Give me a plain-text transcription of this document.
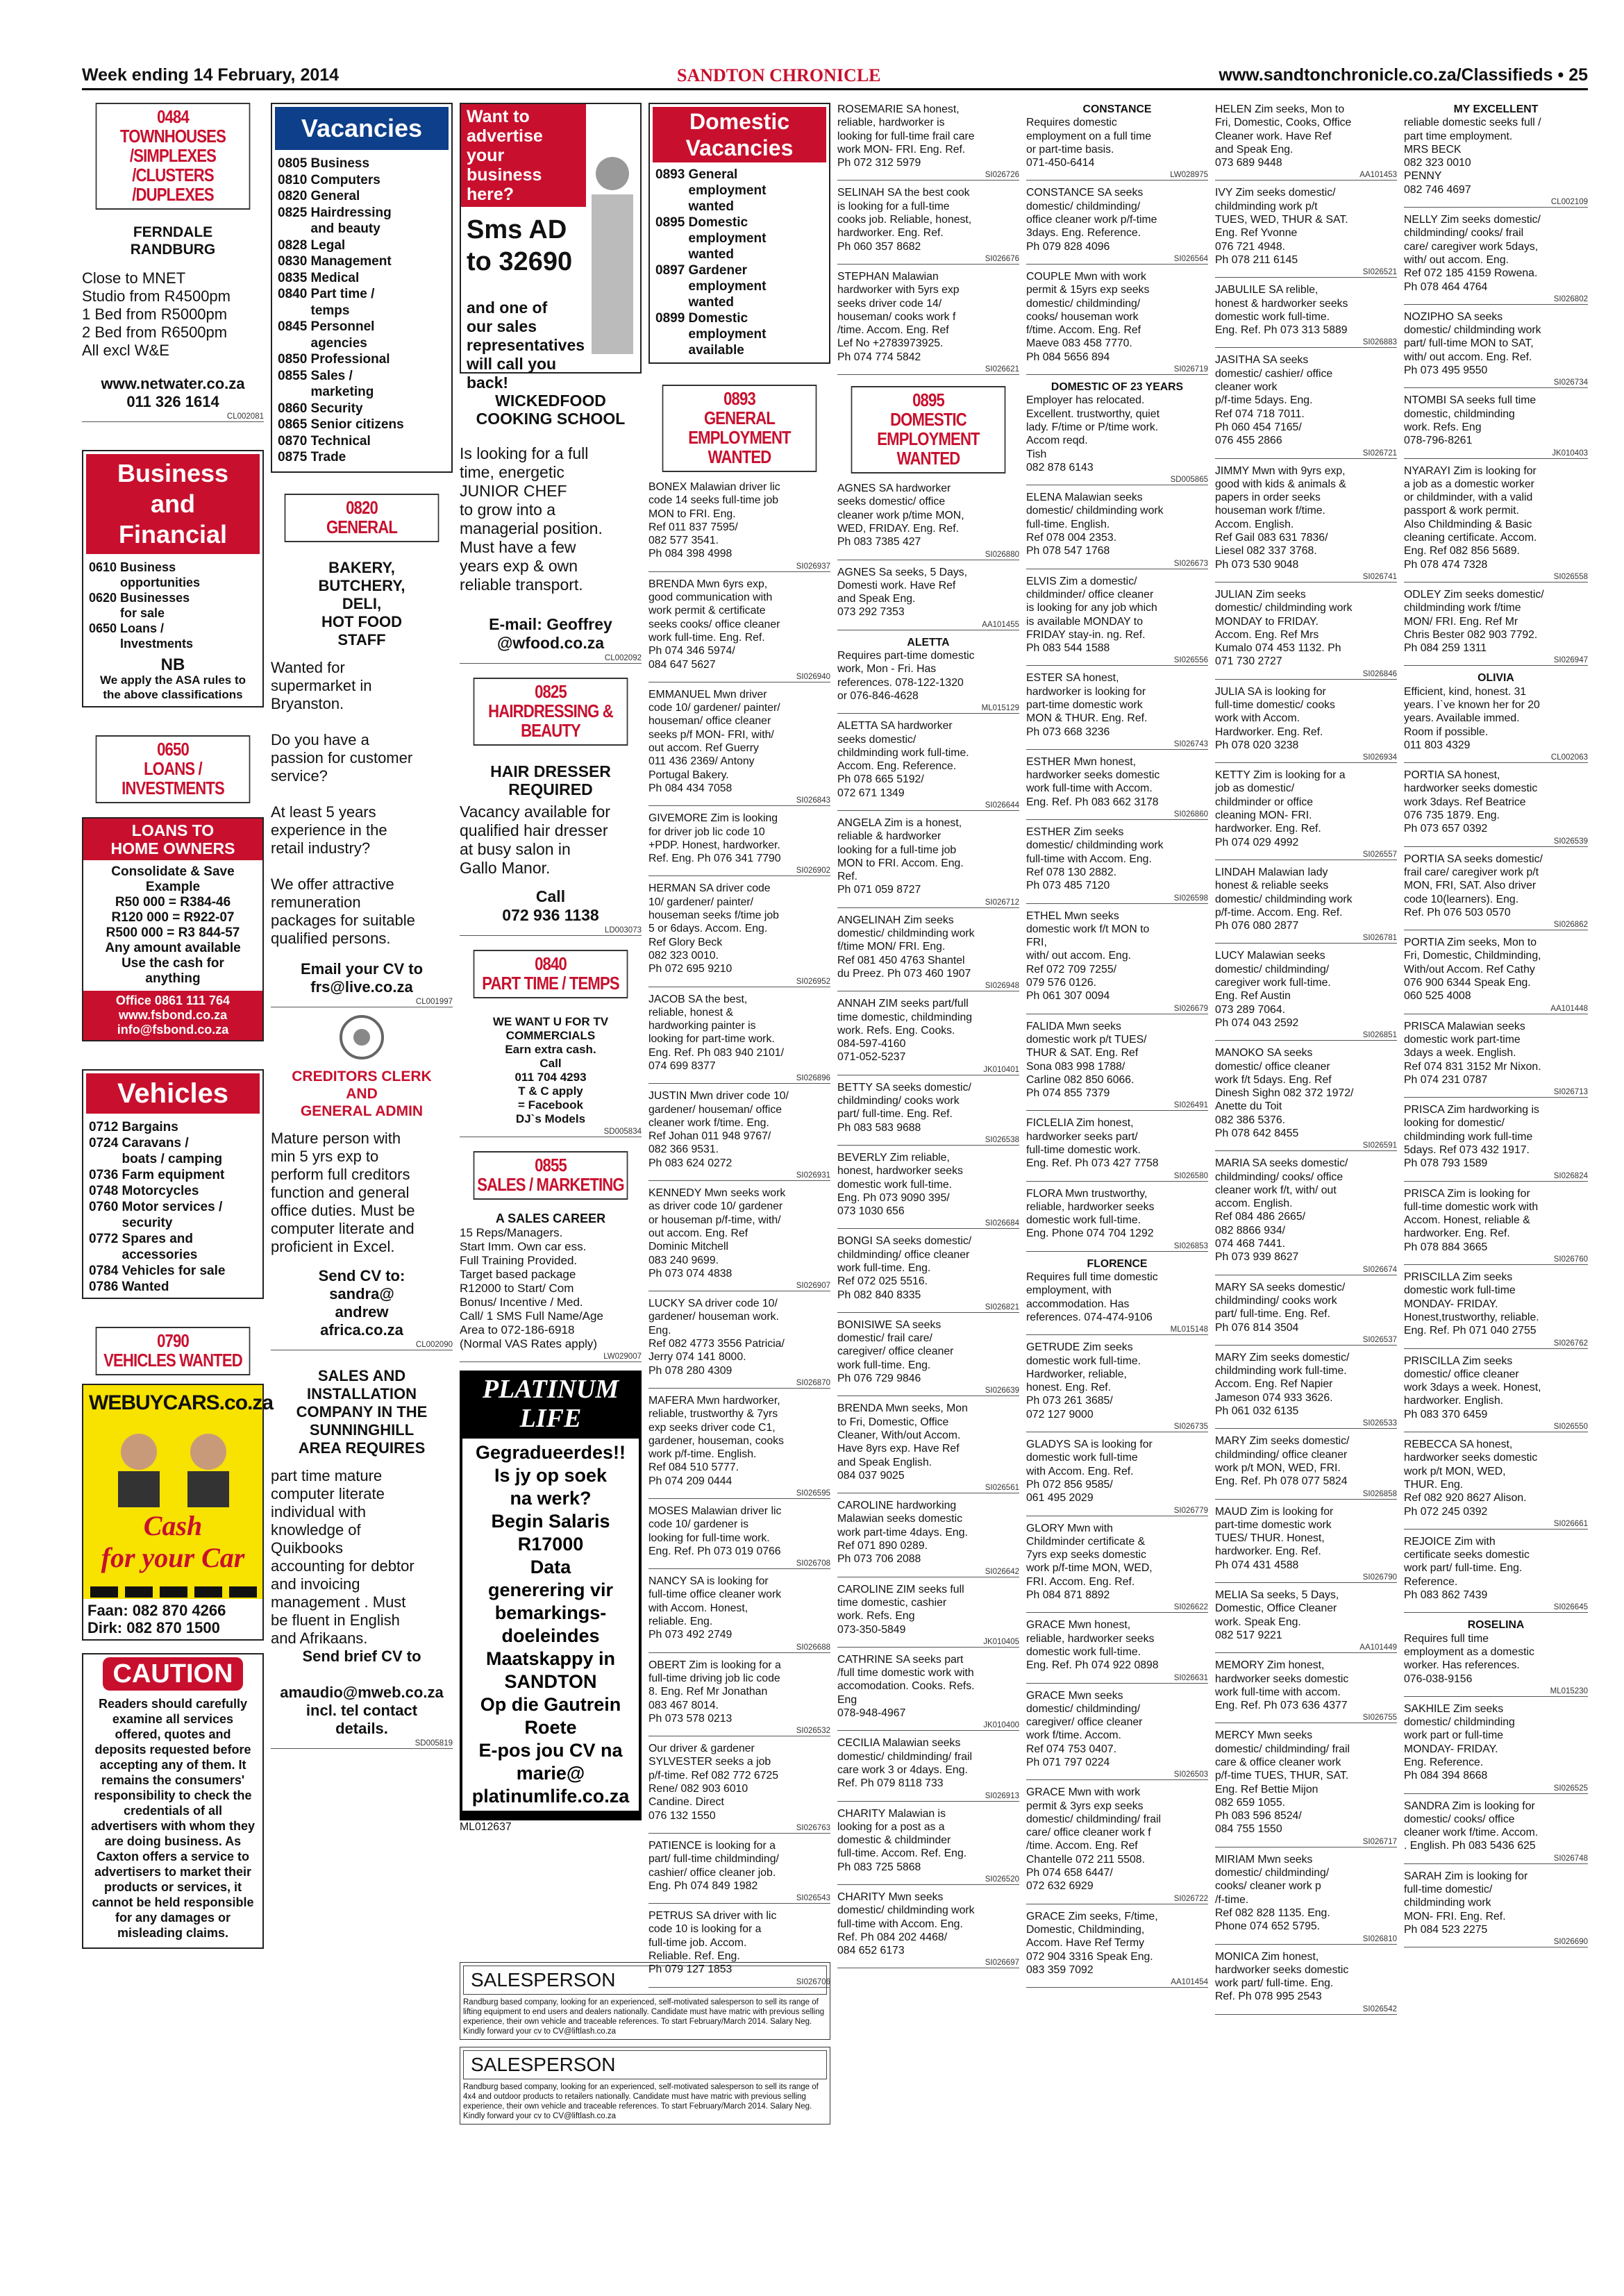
Week ending 14 February, 2014	SANDTON CHRONICLE	www.sandtonchronicle.co.za/Classifieds • 25
0484
TOWNHOUSES
/SIMPLEXES
/CLUSTERS
/DUPLEXES
FERNDALE
RANDBURG
Close to MNET
Studio from R4500pm
1 Bed from R5000pm
2 Bed from R6500pm
All excl W&E
www.netwater.co.za
011 326 1614
CL002081
Business
and
Financial
0610 Business
opportunities
0620 Businesses
for sale
0650 Loans /
Investments
NB
We apply the ASA rules to the above classifications
0650
LOANS /
INVESTMENTS
LOANS TO
HOME OWNERS
Consolidate & Save
Example
R50 000 = R384-46
R120 000 = R922-07
R500 000 = R3 844-57
Any amount available
Use the cash for
anything
Office 0861 111 764
www.fsbond.co.za
info@fsbond.co.za
Vehicles
0712 Bargains
0724 Caravans /
boats / camping
0736 Farm equipment
0748 Motorcycles
0760 Motor services /
security
0772 Spares and
accessories
0784 Vehicles for sale
0786 Wanted
0790
VEHICLES WANTED
WEBUYCARS.co.za
Cash
for your Car
Faan: 082 870 4266
Dirk: 082 870 1500
CAUTION
Readers should carefully examine all services offered, quotes and deposits requested before accepting any of them. It remains the consumers' responsibility to check the credentials of all advertisers with whom they are doing business. As Caxton offers a service to advertisers to market their products or services, it cannot be held responsible for any damages or misleading claims.
Vacancies
0805 Business
0810 Computers
0820 General
0825 Hairdressing
and beauty
0828 Legal
0830 Management
0835 Medical
0840 Part time /
temps
0845 Personnel
agencies
0850 Professional
0855 Sales /
marketing
0860 Security
0865 Senior citizens
0870 Technical
0875 Trade
0820
GENERAL
BAKERY,
BUTCHERY,
DELI,
HOT FOOD
STAFF
Wanted for
supermarket in
Bryanston.

Do you have a
passion for customer
service?

At least 5 years
experience in the
retail industry?

We offer attractive
remuneration
packages for suitable
qualified persons.
Email your CV to
frs@live.co.za
CL001997
CREDITORS CLERK
AND
GENERAL ADMIN
Mature person with
min 5 yrs exp to
perform full creditors
function and general
office duties. Must be
computer literate and
proficient in Excel.
Send CV to:
sandra@
andrew
africa.co.za
CL002090
SALES AND
INSTALLATION
COMPANY IN THE
SUNNINGHILL
AREA REQUIRES
part time mature
computer literate
individual with
knowledge of
Quikbooks
accounting for debtor
and invoicing
management . Must
be fluent in English
and Afrikaans.
Send brief CV to

amaudio@mweb.co.za
incl. tel contact
details.
SD005819
Want to advertise
your business
here?
Sms AD
to 32690
and one of
our sales
representatives
will call you
back!
WICKEDFOOD
COOKING SCHOOL
Is looking for a full
time, energetic
JUNIOR CHEF
to grow into a
managerial position.
Must have a few
years exp & own
reliable transport.
E-mail: Geoffrey
@wfood.co.za
CL002092
0825
HAIRDRESSING &
BEAUTY
HAIR DRESSER
REQUIRED
Vacancy available for
qualified hair dresser
at busy salon in
Gallo Manor.
Call
072 936 1138
LD003073
0840
PART TIME / TEMPS
WE WANT U FOR TV
COMMERCIALS
Earn extra cash.
Call
011 704 4293
T & C apply
= Facebook
DJ`s Models
SD005834
0855
SALES / MARKETING
A SALES CAREER
15 Reps/Managers.
Start Imm. Own car ess.
Full Training Provided.
Target based package
R12000 to Start/ Com
Bonus/ Incentive / Med.
Call/ 1 SMS Full Name/Age
Area to 072-186-6918
(Normal VAS Rates apply)
LW029007
PLATINUM
LIFE
Gegradueerdes!!
Is jy op soek
na werk?
Begin Salaris
R17000
Data
generering vir
bemarkings-
doeleindes
Maatskappy in
SANDTON
Op die Gautrein Roete
E-pos jou CV na
marie@
platinumlife.co.za
ML012637
SALESPERSON
Randburg based company, looking for an experienced, self-motivated salesperson to sell its range of lifting equipment to end users and dealers nationally. Candidate must have matric with previous selling experience, their own vehicle and traceable references. To start February/March 2014. Salary Neg. Kindly forward your cv to CV@liftlash.co.za
SALESPERSON
Randburg based company, looking for an experienced, self-motivated salesperson to sell its range of 4x4 and outdoor products to retailers nationally. Candidate must have matric with previous selling experience, their own vehicle and traceable references. To start February/March 2014. Salary Neg. Kindly forward your cv to CV@liftlash.co.za
Domestic
Vacancies
0893 General
employment
wanted
0895 Domestic
employment
wanted
0897 Gardener
employment
wanted
0899 Domestic
employment
available
0893
GENERAL
EMPLOYMENT
WANTED
BONEX Malawian driver lic
code 14 seeks full-time job
MON to FRI. Eng.
Ref 011 837 7595/
082 577 3541.
Ph 084 398 4998
SI026937
BRENDA Mwn 6yrs exp,
good communication with
work permit & certificate
seeks cooks/ office cleaner
work full-time. Eng. Ref.
Ph 074 346 5974/
084 647 5627
SI026940
EMMANUEL Mwn driver
code 10/ gardener/ painter/
houseman/ office cleaner
seeks p/f MON- FRI, with/
out accom. Ref Guerry
011 436 2369/ Antony
Portugal Bakery.
Ph 084 434 7058
SI026843
GIVEMORE Zim is looking
for driver job lic code 10
+PDP. Honest, hardworker.
Ref. Eng. Ph 076 341 7790
SI026902
HERMAN SA driver code
10/ gardener/ painter/
houseman seeks f/time job
5 or 6days. Accom. Eng.
Ref Glory Beck
082 323 0010.
Ph 072 695 9210
SI026952
JACOB SA the best,
reliable, honest &
hardworking painter is
looking for part-time work.
Eng. Ref. Ph 083 940 2101/
074 699 8377
SI026896
JUSTIN Mwn driver code 10/
gardener/ houseman/ office
cleaner work f/time. Eng.
Ref Johan 011 948 9767/
082 366 9531.
Ph 083 624 0272
SI026931
KENNEDY Mwn seeks work
as driver code 10/ gardener
or houseman p/f-time, with/
out accom. Eng. Ref
Dominic Mitchell
083 240 9699.
Ph 073 074 4838
SI026907
LUCKY SA driver code 10/
gardener/ houseman work.
Eng.
Ref 082 4773 3556 Patricia/
Jerry 074 141 8000.
Ph 078 280 4309
SI026870
MAFERA Mwn hardworker,
reliable, trustworthy & 7yrs
exp seeks driver code C1,
gardener, houseman, cooks
work p/f-time. English.
Ref 084 510 5777.
Ph 074 209 0444
SI026595
MOSES Malawian driver lic
code 10/ gardener is
looking for full-time work.
Eng. Ref. Ph 073 019 0766
SI026708
NANCY SA is looking for
full-time office cleaner work
with Accom. Honest,
reliable. Eng.
Ph 073 492 2749
SI026688
OBERT Zim is looking for a
full-time driving job lic code
8. Eng. Ref Mr Jonathan
083 467 8014.
Ph 073 578 0213
SI026532
Our driver & gardener
SYLVESTER seeks a job
p/f-time. Ref 082 772 6725
Rene/ 082 903 6010
Candine. Direct
076 132 1550
SI026763
PATIENCE is looking for a
part/ full-time childminding/
cashier/ office cleaner job.
Eng. Ph 074 849 1982
SI026543
PETRUS SA driver with lic
code 10 is looking for a
full-time job. Accom.
Reliable. Ref. Eng.
Ph 079 127 1853
SI026706
ROSEMARIE SA honest,
reliable, hardworker is
looking for full-time frail care
work MON- FRI. Eng. Ref.
Ph 072 312 5979
SI026726
SELINAH SA the best cook
is looking for a full-time
cooks job. Reliable, honest,
hardworker. Eng. Ref.
Ph 060 357 8682
SI026676
STEPHAN Malawian
hardworker with 5yrs exp
seeks driver code 14/
houseman/ cooks work f
/time. Accom. Eng. Ref
Lef No +2783973925.
Ph 074 774 5842
SI026621
0895
DOMESTIC
EMPLOYMENT
WANTED
AGNES SA hardworker
seeks domestic/ office
cleaner work p/time MON,
WED, FRIDAY. Eng. Ref.
Ph 083 7385 427
SI026880
AGNES Sa seeks, 5 Days,
Domesti work. Have Ref
and Speak Eng.
073 292 7353
AA101455
ALETTA
Requires part-time domestic
work, Mon - Fri. Has
references. 078-122-1320
or 076-846-4628
ML015129
ALETTA SA hardworker
seeks domestic/
childminding work full-time.
Accom. Eng. Reference.
Ph 078 665 5192/
072 671 1349
SI026644
ANGELA Zim is a honest,
reliable & hardworker
looking for a full-time job
MON to FRI. Accom. Eng.
Ref.
Ph 071 059 8727
SI026712
ANGELINAH Zim seeks
domestic/ childminding work
f/time MON/ FRI. Eng.
Ref 081 450 4763 Shantel
du Preez. Ph 073 460 1907
SI026948
ANNAH ZIM seeks part/full
time domestic, childminding
work. Refs. Eng. Cooks.
084-597-4160
071-052-5237
JK010401
BETTY SA seeks domestic/
childminding/ cooks work
part/ full-time. Eng. Ref.
Ph 083 583 9688
SI026538
BEVERLY Zim reliable,
honest, hardworker seeks
domestic work full-time.
Eng. Ph 073 9090 395/
073 1030 656
SI026684
BONGI SA seeks domestic/
childminding/ office cleaner
work full-time. Eng.
Ref 072 025 5516.
Ph 082 840 8335
SI026821
BONISIWE SA seeks
domestic/ frail care/
caregiver/ office cleaner
work full-time. Eng.
Ph 076 729 9846
SI026639
BRENDA Mwn seeks, Mon
to Fri, Domestic, Office
Cleaner, With/out Accom.
Have 8yrs exp. Have Ref
and Speak English.
084 037 9025
SI026561
CAROLINE hardworking
Malawian seeks domestic
work part-time 4days. Eng.
Ref 071 890 0289.
Ph 073 706 2088
SI026642
CAROLINE ZIM seeks full
time domestic, cashier
work. Refs. Eng
073-350-5849
JK010405
CATHRINE SA seeks part
/full time domestic work with
accomodation. Cooks. Refs.
Eng
078-948-4967
JK010400
CECILIA Malawian seeks
domestic/ childminding/ frail
care work 3 or 4days. Eng.
Ref. Ph 079 8118 733
SI026913
CHARITY Malawian is
looking for a post as a
domestic & childminder
full-time. Accom. Ref. Eng.
Ph 083 725 5868
SI026520
CHARITY Mwn seeks
domestic/ childminding work
full-time with Accom. Eng.
Ref. Ph 084 202 4468/
084 652 6173
SI026697
CONSTANCE
Requires domestic
employment on a full time
or part-time basis.
071-450-6414
LW028975
CONSTANCE SA seeks
domestic/ childminding/
office cleaner work p/f-time
3days. Eng. Reference.
Ph 079 828 4096
SI026564
COUPLE Mwn with work
permit & 15yrs exp seeks
domestic/ childminding/
cooks/ houseman work
f/time. Accom. Eng. Ref
Maeve 083 458 7770.
Ph 084 5656 894
SI026719
DOMESTIC OF 23 YEARS
Employer has relocated.
Excellent. trustworthy, quiet
lady. F/time or P/time work.
Accom reqd.
Tish
082 878 6143
SD005865
ELENA Malawian seeks
domestic/ childminding work
full-time. English.
Ref 078 004 2353.
Ph 078 547 1768
SI026673
ELVIS Zim a domestic/
childminder/ office cleaner
is looking for any job which
is available MONDAY to
FRIDAY stay-in. ng. Ref.
Ph 083 544 1588
SI026556
ESTER SA honest,
hardworker is looking for
part-time domestic work
MON & THUR. Eng. Ref.
Ph 073 668 3236
SI026743
ESTHER Mwn honest,
hardworker seeks domestic
work full-time with Accom.
Eng. Ref. Ph 083 662 3178
SI026860
ESTHER Zim seeks
domestic/ childminding work
full-time with Accom. Eng.
Ref 078 130 2882.
Ph 073 485 7120
SI026598
ETHEL Mwn seeks
domestic work f/t MON to
FRI,
with/ out accom. Eng.
Ref 072 709 7255/
079 576 0126.
Ph 061 307 0094
SI026679
FALIDA Mwn seeks
domestic work p/t TUES/
THUR & SAT. Eng. Ref
Sona 083 998 1788/
Carline 082 850 6066.
Ph 074 855 7379
SI026491
FICLELIA Zim honest,
hardworker seeks part/
full-time domestic work.
Eng. Ref. Ph 073 427 7758
SI026580
FLORA Mwn trustworthy,
reliable, hardworker seeks
domestic work full-time.
Eng. Phone 074 704 1292
SI026853
FLORENCE
Requires full time domestic
employment, with
accommodation. Has
references. 074-474-9106
ML015148
GETRUDE Zim seeks
domestic work full-time.
Hardworker, reliable,
honest. Eng. Ref.
Ph 073 261 3685/
072 127 9000
SI026735
GLADYS SA is looking for
domestic work full-time
with Accom. Eng. Ref.
Ph 072 856 9585/
061 495 2029
SI026779
GLORY Mwn with
Childminder certificate &
7yrs exp seeks domestic
work p/f-time MON, WED,
FRI. Accom. Eng. Ref.
Ph 084 871 8892
SI026622
GRACE Mwn honest,
reliable, hardworker seeks
domestic work full-time.
Eng. Ref. Ph 074 922 0898
SI026631
GRACE Mwn seeks
domestic/ childminding/
caregiver/ office cleaner
work f/time. Accom.
Ref 074 753 0407.
Ph 071 797 0224
SI026503
GRACE Mwn with work
permit & 3yrs exp seeks
domestic/ childminding/ frail
care/ office cleaner work f
/time. Accom. Eng. Ref
Chantelle 072 211 5508.
Ph 074 658 6447/
072 632 6929
SI026722
GRACE Zim seeks, F/time,
Domestic, Childminding,
Accom. Have Ref Termy
072 904 3316 Speak Eng.
083 359 7092
AA101454
HELEN Zim seeks, Mon to
Fri, Domestic, Cooks, Office
Cleaner work. Have Ref
and Speak Eng.
073 689 9448
AA101453
IVY Zim seeks domestic/
childminding work p/t
TUES, WED, THUR & SAT.
Eng. Ref Yvonne
076 721 4948.
Ph 078 211 6145
SI026521
JABULILE SA relible,
honest & hardworker seeks
domestic work full-time.
Eng. Ref. Ph 073 313 5889
SI026883
JASITHA SA seeks
domestic/ cashier/ office
cleaner work
p/f-time 5days. Eng.
Ref 074 718 7011.
Ph 060 454 7165/
076 455 2866
SI026721
JIMMY Mwn with 9yrs exp,
good with kids & animals &
papers in order seeks
houseman work f/time.
Accom. English.
Ref Gail 083 631 7836/
Liesel 082 337 3768.
Ph 073 530 9048
SI026741
JULIAN Zim seeks
domestic/ childminding work
MONDAY to FRIDAY.
Accom. Eng. Ref Mrs
Kumalo 074 453 1132. Ph
071 730 2727
SI026846
JULIA SA is looking for
full-time domestic/ cooks
work with Accom.
Hardworker. Eng. Ref.
Ph 078 020 3238
SI026934
KETTY Zim is looking for a
job as domestic/
childminder or office
cleaning MON- FRI.
hardworker. Eng. Ref.
Ph 074 029 4992
SI026557
LINDAH Malawian lady
honest & reliable seeks
domestic/ childminding work
p/f-time. Accom. Eng. Ref.
Ph 076 080 2877
SI026781
LUCY Malawian seeks
domestic/ childminding/
caregiver work full-time.
Eng. Ref Austin
073 289 7064.
Ph 074 043 2592
SI026851
MANOKO SA seeks
domestic/ office cleaner
work f/t 5days. Eng. Ref
Dinesh Sighn 082 372 1972/
Anette du Toit
082 386 5376.
Ph 078 642 8455
SI026591
MARIA SA seeks domestic/
childminding/ cooks/ office
cleaner work f/t, with/ out
accom. English.
Ref 084 486 2665/
082 8866 934/
074 468 7441.
Ph 073 939 8627
SI026674
MARY SA seeks domestic/
childminding/ cooks work
part/ full-time. Eng. Ref.
Ph 076 814 3504
SI026537
MARY Zim seeks domestic/
childminding work full-time.
Accom. Eng. Ref Napier
Jameson 074 933 3626.
Ph 061 032 6135
SI026533
MARY Zim seeks domestic/
childminding/ office cleaner
work p/t MON, WED, FRI.
Eng. Ref. Ph 078 077 5824
SI026858
MAUD Zim is looking for
part-time domestic work
TUES/ THUR. Honest,
hardworker. Eng. Ref.
Ph 074 431 4588
SI026790
MELIA Sa seeks, 5 Days,
Domestic, Office Cleaner
work. Speak Eng.
082 517 9221
AA101449
MEMORY Zim honest,
hardworker seeks domestic
work full-time with accom.
Eng. Ref. Ph 073 636 4377
SI026755
MERCY Mwn seeks
domestic/ childminding/ frail
care & office cleaner work
p/f-time TUES, THUR, SAT.
Eng. Ref Bettie Mijon
082 659 1055.
Ph 083 596 8524/
084 755 1550
SI026717
MIRIAM Mwn seeks
domestic/ childminding/
cooks/ cleaner work p
/f-time.
Ref 082 828 1135. Eng.
Phone 074 652 5795.
SI026810
MONICA Zim honest,
hardworker seeks domestic
work part/ full-time. Eng.
Ref. Ph 078 995 2543
SI026542
MY EXCELLENT
reliable domestic seeks full /
part time employment.
MRS BECK
082 323 0010
PENNY
082 746 4697
CL002109
NELLY Zim seeks domestic/
childminding/ cooks/ frail
care/ caregiver work 5days,
with/ out accom. Eng.
Ref 072 185 4159 Rowena.
Ph 078 464 4764
SI026802
NOZIPHO SA seeks
domestic/ childminding work
part/ full-time MON to SAT,
with/ out accom. Eng. Ref.
Ph 073 495 9550
SI026734
NTOMBI SA seeks full time
domestic, childminding
work. Refs. Eng
078-796-8261
JK010403
NYARAYI Zim is looking for
a job as a domestic worker
or childminder, with a valid
passport & work permit.
Also Childminding & Basic
cleaning certificate. Accom.
Eng. Ref 082 856 5689.
Ph 078 474 7328
SI026558
ODLEY Zim seeks domestic/
childminding work f/time
MON/ FRI. Eng. Ref Mr
Chris Bester 082 903 7792.
Ph 084 259 1311
SI026947
OLIVIA
Efficient, kind, honest. 31
years. I`ve known her for 20
years. Available immed.
Room if possible.
011 803 4329
CL002063
PORTIA SA honest,
hardworker seeks domestic
work 3days. Ref Beatrice
076 735 1879. Eng.
Ph 073 657 0392
SI026539
PORTIA SA seeks domestic/
frail care/ caregiver work p/t
MON, FRI, SAT. Also driver
code 10(learners). Eng.
Ref. Ph 076 503 0570
SI026862
PORTIA Zim seeks, Mon to
Fri, Domestic, Childminding,
With/out Accom. Ref Cathy
076 900 6344 Speak Eng.
060 525 4008
AA101448
PRISCA Malawian seeks
domestic work part-time
3days a week. English.
Ref 074 831 3152 Mr Nixon.
Ph 074 231 0787
SI026713
PRISCA Zim hardworking is
looking for domestic/
childminding work full-time
5days. Ref 073 432 1917.
Ph 078 793 1589
SI026824
PRISCA Zim is looking for
full-time domestic work with
Accom. Honest, reliable &
hardworker. Eng. Ref.
Ph 078 884 3665
SI026760
PRISCILLA Zim seeks
domestic work full-time
MONDAY- FRIDAY.
Honest,trustworthy, reliable.
Eng. Ref. Ph 071 040 2755
SI026762
PRISCILLA Zim seeks
domestic/ office cleaner
work 3days a week. Honest,
hardworker. English.
Ph 083 370 6459
SI026550
REBECCA SA honest,
hardworker seeks domestic
work p/t MON, WED,
THUR. Eng.
Ref 082 920 8627 Alison.
Ph 072 245 0392
SI026661
REJOICE Zim with
certificate seeks domestic
work part/ full-time. Eng.
Reference.
Ph 083 862 7439
SI026645
ROSELINA
Requires full time
employment as a domestic
worker. Has references.
076-038-9156
ML015230
SAKHILE Zim seeks
domestic/ childminding
work part or full-time
MONDAY- FRIDAY.
Eng. Reference.
Ph 084 394 8668
SI026525
SANDRA Zim is looking for
domestic/ cooks/ office
cleaner work f/time. Accom.
. English. Ph 083 5436 625
SI026748
SARAH Zim is looking for
full-time domestic/
childminding work
MON- FRI. Eng. Ref.
Ph 084 523 2275
SI026690
